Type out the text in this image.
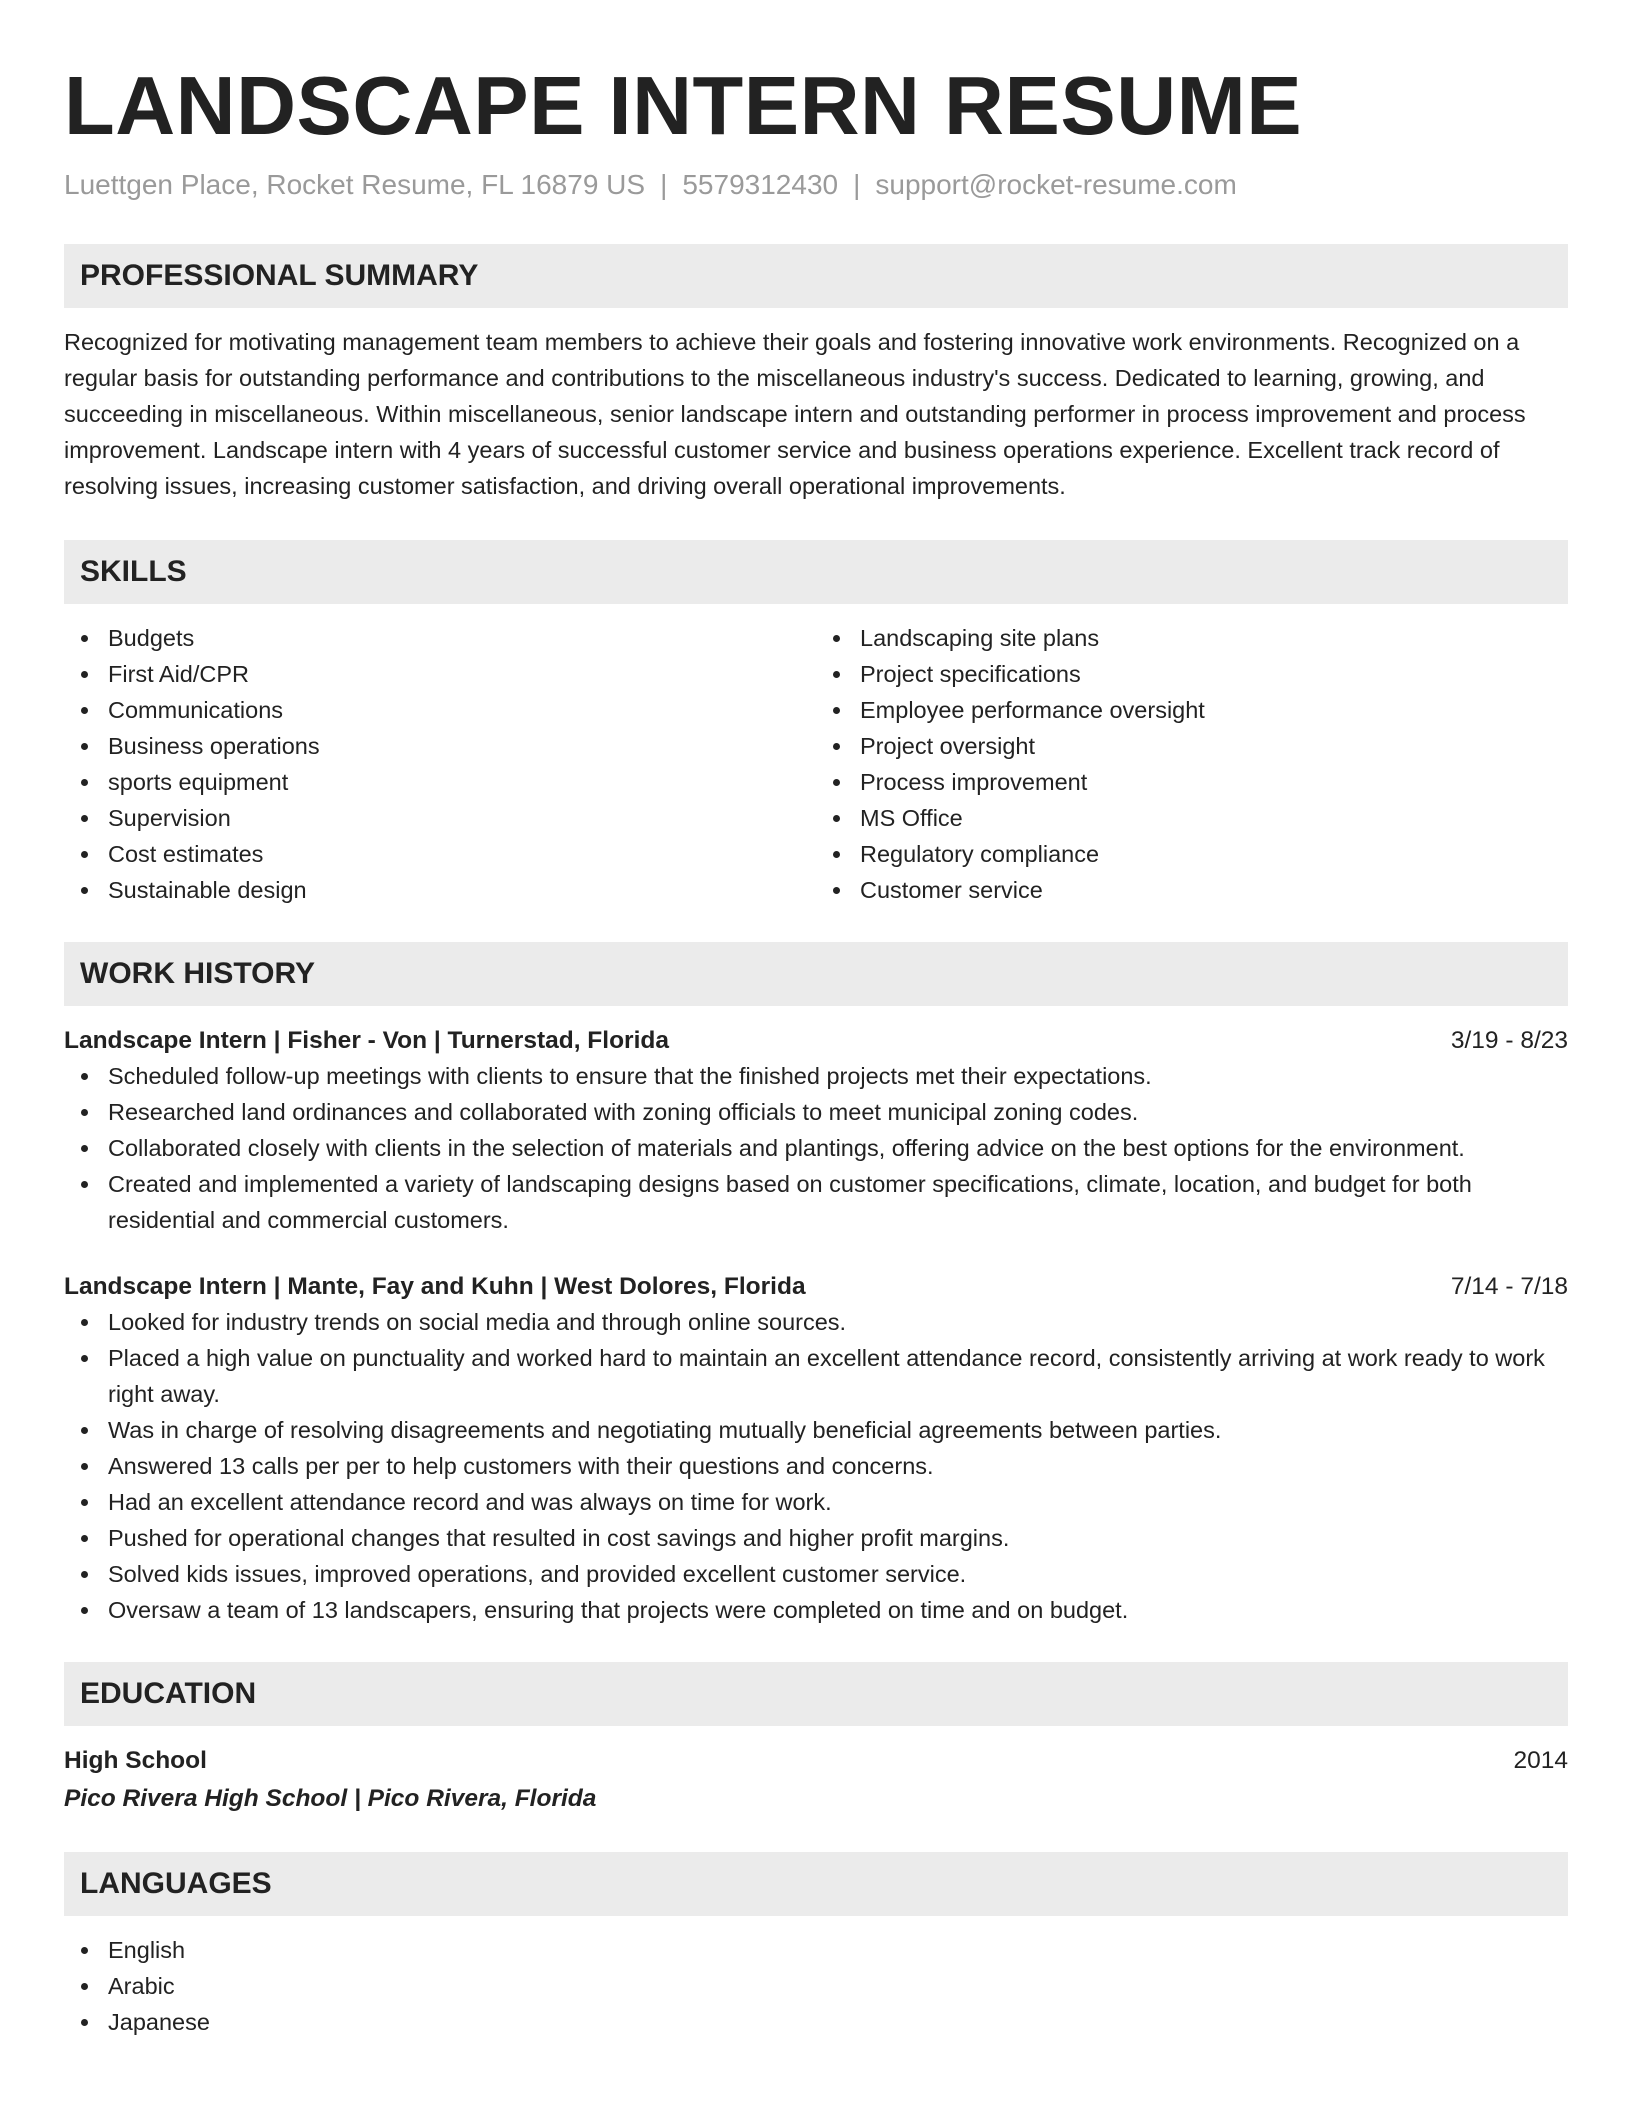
LANDSCAPE INTERN RESUME
Luettgen Place, Rocket Resume, FL 16879 US | 5579312430 | support@rocket-resume.com
PROFESSIONAL SUMMARY

Recognized for motivating management team members to achieve their goals and fostering innovative work environments. Recognized on a regular basis for outstanding performance and contributions to the miscellaneous industry's success. Dedicated to learning, growing, and succeeding in miscellaneous. Within miscellaneous, senior landscape intern and outstanding performer in process improvement and process improvement. Landscape intern with 4 years of successful customer service and business operations experience. Excellent track record of resolving issues, increasing customer satisfaction, and driving overall operational improvements.

SKILLS
Budgets
First Aid/CPR
Communications
Business operations
sports equipment
Supervision
Cost estimates
Sustainable design
Landscaping site plans
Project specifications
Employee performance oversight
Project oversight
Process improvement
MS Office
Regulatory compliance
Customer service
WORK HISTORY
Landscape Intern | Fisher - Von | Turnerstad, Florida	3/19 - 8/23
Scheduled follow-up meetings with clients to ensure that the finished projects met their expectations.
Researched land ordinances and collaborated with zoning officials to meet municipal zoning codes.
Collaborated closely with clients in the selection of materials and plantings, offering advice on the best options for the environment.
Created and implemented a variety of landscaping designs based on customer specifications, climate, location, and budget for both residential and commercial customers.
Landscape Intern | Mante, Fay and Kuhn | West Dolores, Florida	7/14 - 7/18
Looked for industry trends on social media and through online sources.
Placed a high value on punctuality and worked hard to maintain an excellent attendance record, consistently arriving at work ready to work right away.
Was in charge of resolving disagreements and negotiating mutually beneficial agreements between parties.
Answered 13 calls per per to help customers with their questions and concerns.
Had an excellent attendance record and was always on time for work.
Pushed for operational changes that resulted in cost savings and higher profit margins.
Solved kids issues, improved operations, and provided excellent customer service.
Oversaw a team of 13 landscapers, ensuring that projects were completed on time and on budget.
EDUCATION
High School	2014
Pico Rivera High School | Pico Rivera, Florida
LANGUAGES
English
Arabic
Japanese
